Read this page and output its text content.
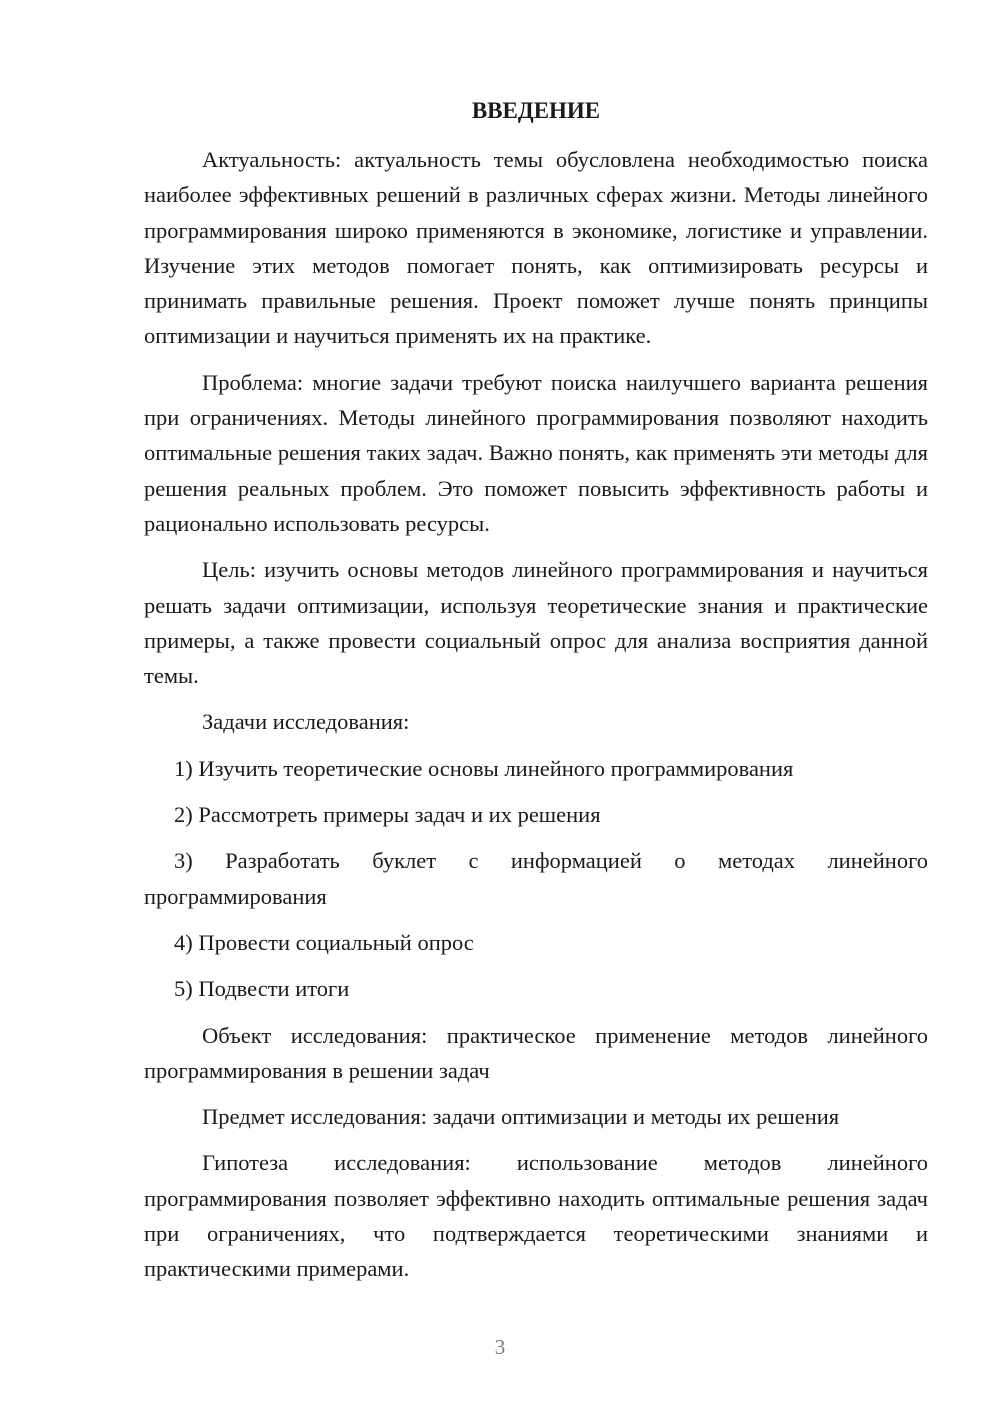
ВВЕДЕНИЕ

Актуальность: актуальность темы обусловлена необходимостью поиска наиболее эффективных решений в различных сферах жизни. Методы линейного программирования широко применяются в экономике, логистике и управлении. Изучение этих методов помогает понять, как оптимизировать ресурсы и принимать правильные решения. Проект поможет лучше понять принципы оптимизации и научиться применять их на практике.

Проблема: многие задачи требуют поиска наилучшего варианта решения при ограничениях. Методы линейного программирования позволяют находить оптимальные решения таких задач. Важно понять, как применять эти методы для решения реальных проблем. Это поможет повысить эффективность работы и рационально использовать ресурсы.

Цель: изучить основы методов линейного программирования и научиться решать задачи оптимизации, используя теоретические знания и практические примеры, а также провести социальный опрос для анализа восприятия данной темы.

Задачи исследования:

1) Изучить теоретические основы линейного программирования

2) Рассмотреть примеры задач и их решения

3) Разработать буклет с информацией о методах линейного программирования

4) Провести социальный опрос

5) Подвести итоги

Объект исследования: практическое применение методов линейного программирования в решении задач

Предмет исследования: задачи оптимизации и методы их решения

Гипотеза исследования: использование методов линейного программирования позволяет эффективно находить оптимальные решения задач при ограничениях, что подтверждается теоретическими знаниями и практическими примерами.

3
